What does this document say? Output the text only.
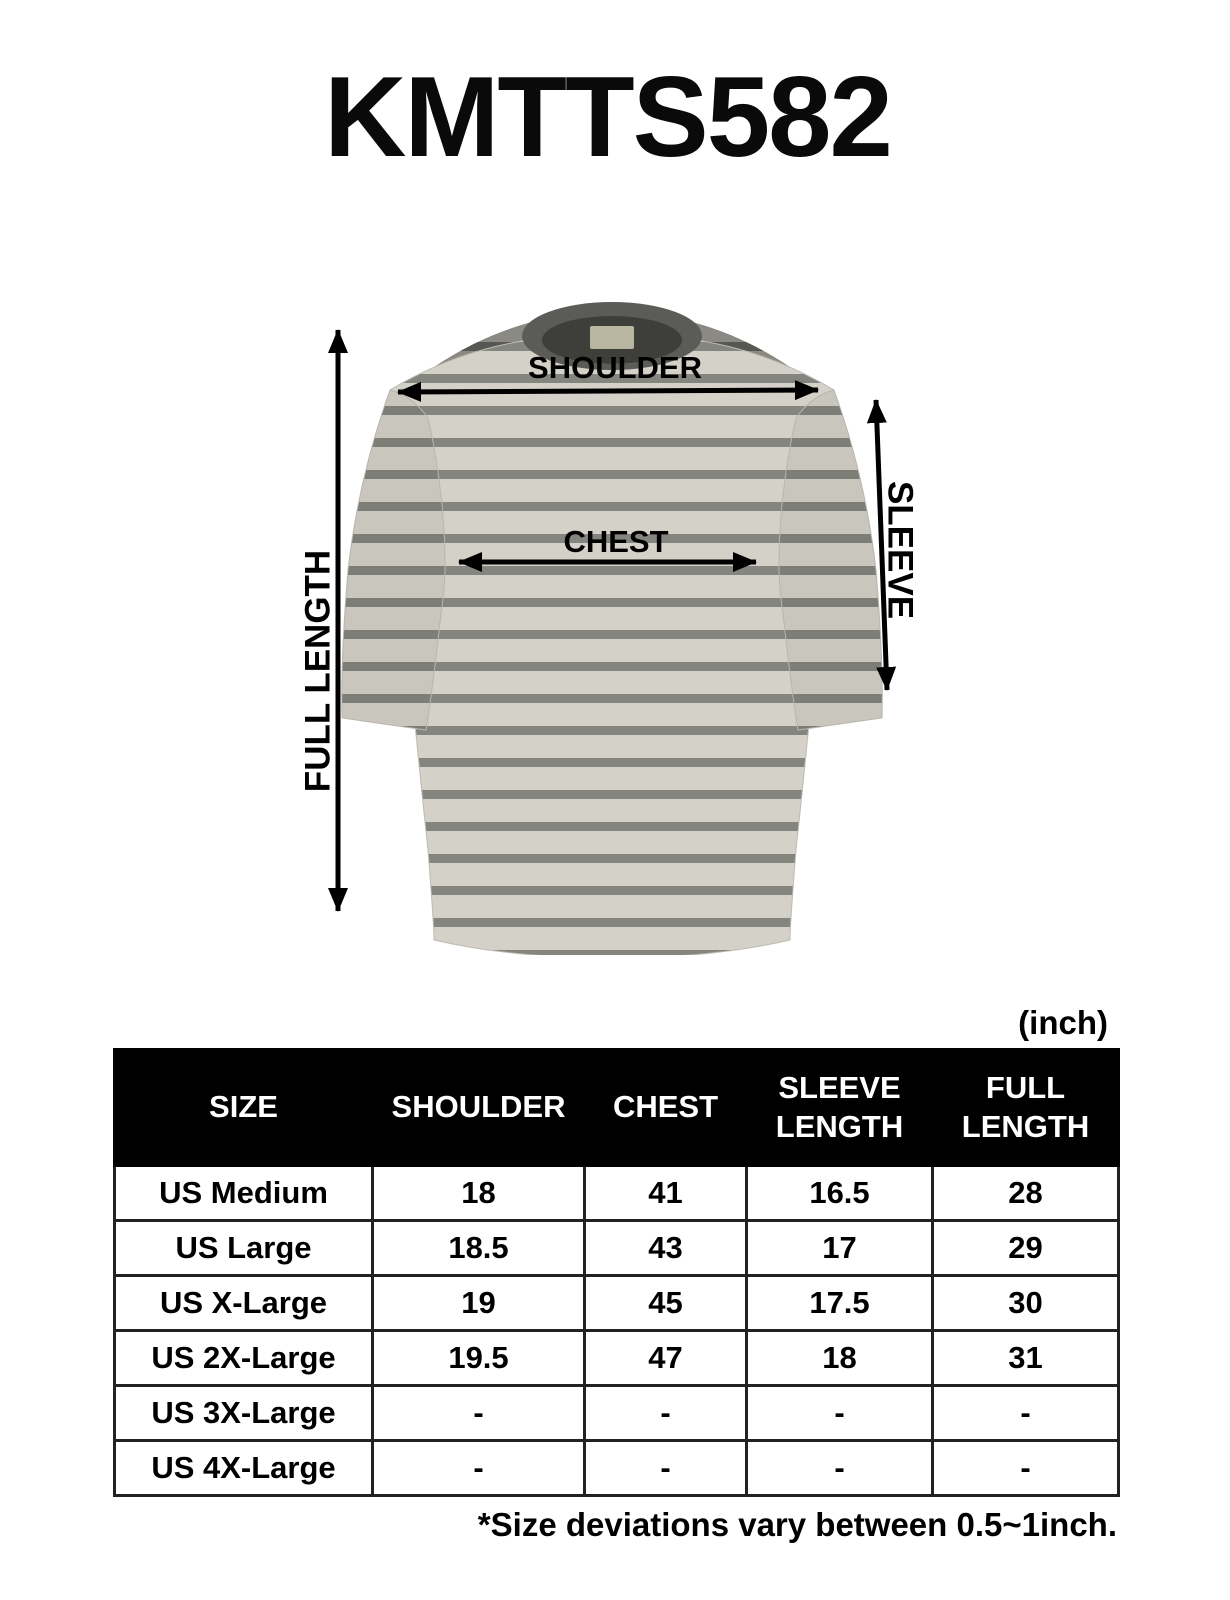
KMTTS582
SHOULDER
CHEST	SLEEVE
FULL LENGTH
(inch)
SIZE	SHOULDER	CHEST	SLEEVE LENGTH	FULL LENGTH
US Medium	18	41	16.5	28
US Large	18.5	43	17	29
US X-Large	19	45	17.5	30
US 2X-Large	19.5	47	18	31
US 3X-Large	-	-	-	-
US 4X-Large	-	-	-	-
*Size deviations vary between 0.5~1inch.
